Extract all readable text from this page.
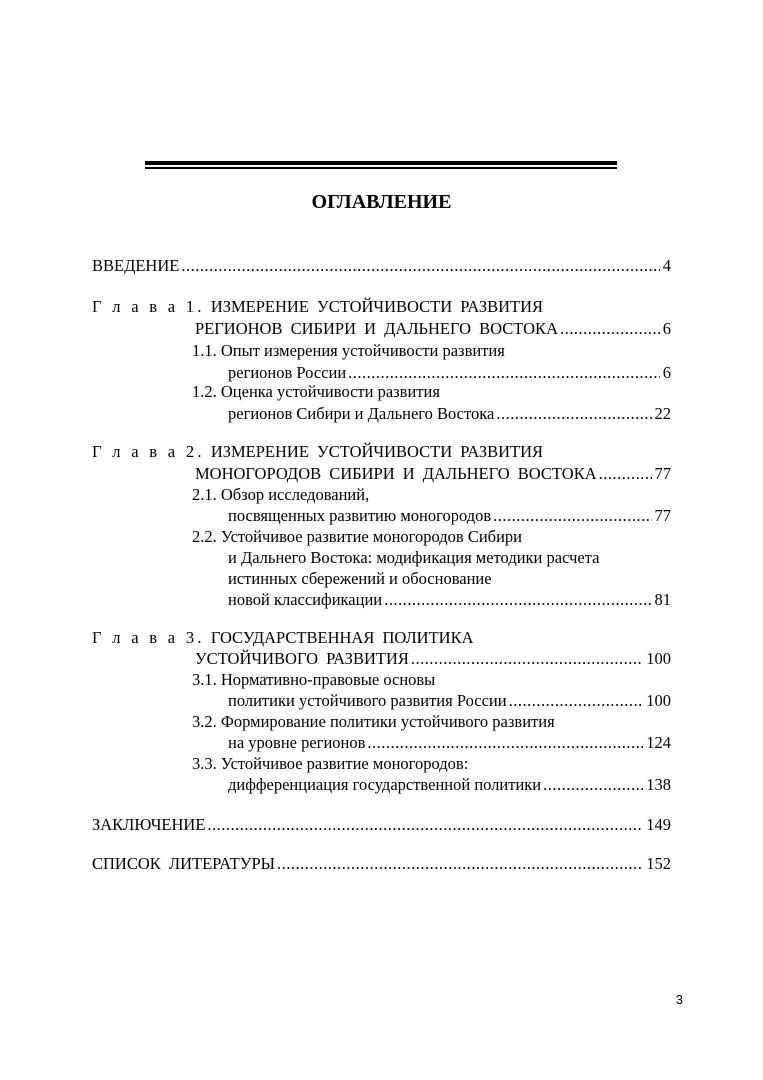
ОГЛАВЛЕНИЕ
ВВЕДЕНИЕ .....	4
Г л а в а 1. ИЗМЕРЕНИЕ УСТОЙЧИВОСТИ РАЗВИТИЯ
РЕГИОНОВ СИБИРИ И ДАЛЬНЕГО ВОСТОКА .....	6
1.1. Опыт измерения устойчивости развития
регионов России .....	6
1.2. Оценка устойчивости развития
регионов Сибири и Дальнего Востока .....	22
Г л а в а 2. ИЗМЕРЕНИЕ УСТОЙЧИВОСТИ РАЗВИТИЯ
МОНОГОРОДОВ СИБИРИ И ДАЛЬНЕГО ВОСТОКА .....	77
2.1. Обзор исследований,
посвященных развитию моногородов .....	77
2.2. Устойчивое развитие моногородов Сибири
и Дальнего Востока: модификация методики расчета
истинных сбережений и обоснование
новой классификации .....	81
Г л а в а 3. ГОСУДАРСТВЕННАЯ ПОЛИТИКА
УСТОЙЧИВОГО РАЗВИТИЯ .....	100
3.1. Нормативно-правовые основы
политики устойчивого развития России .....	100
3.2. Формирование политики устойчивого развития
на уровне регионов .....	124
3.3. Устойчивое развитие моногородов:
дифференциация государственной политики .....	138
ЗАКЛЮЧЕНИЕ .....	149
СПИСОК ЛИТЕРАТУРЫ .....	152
3
